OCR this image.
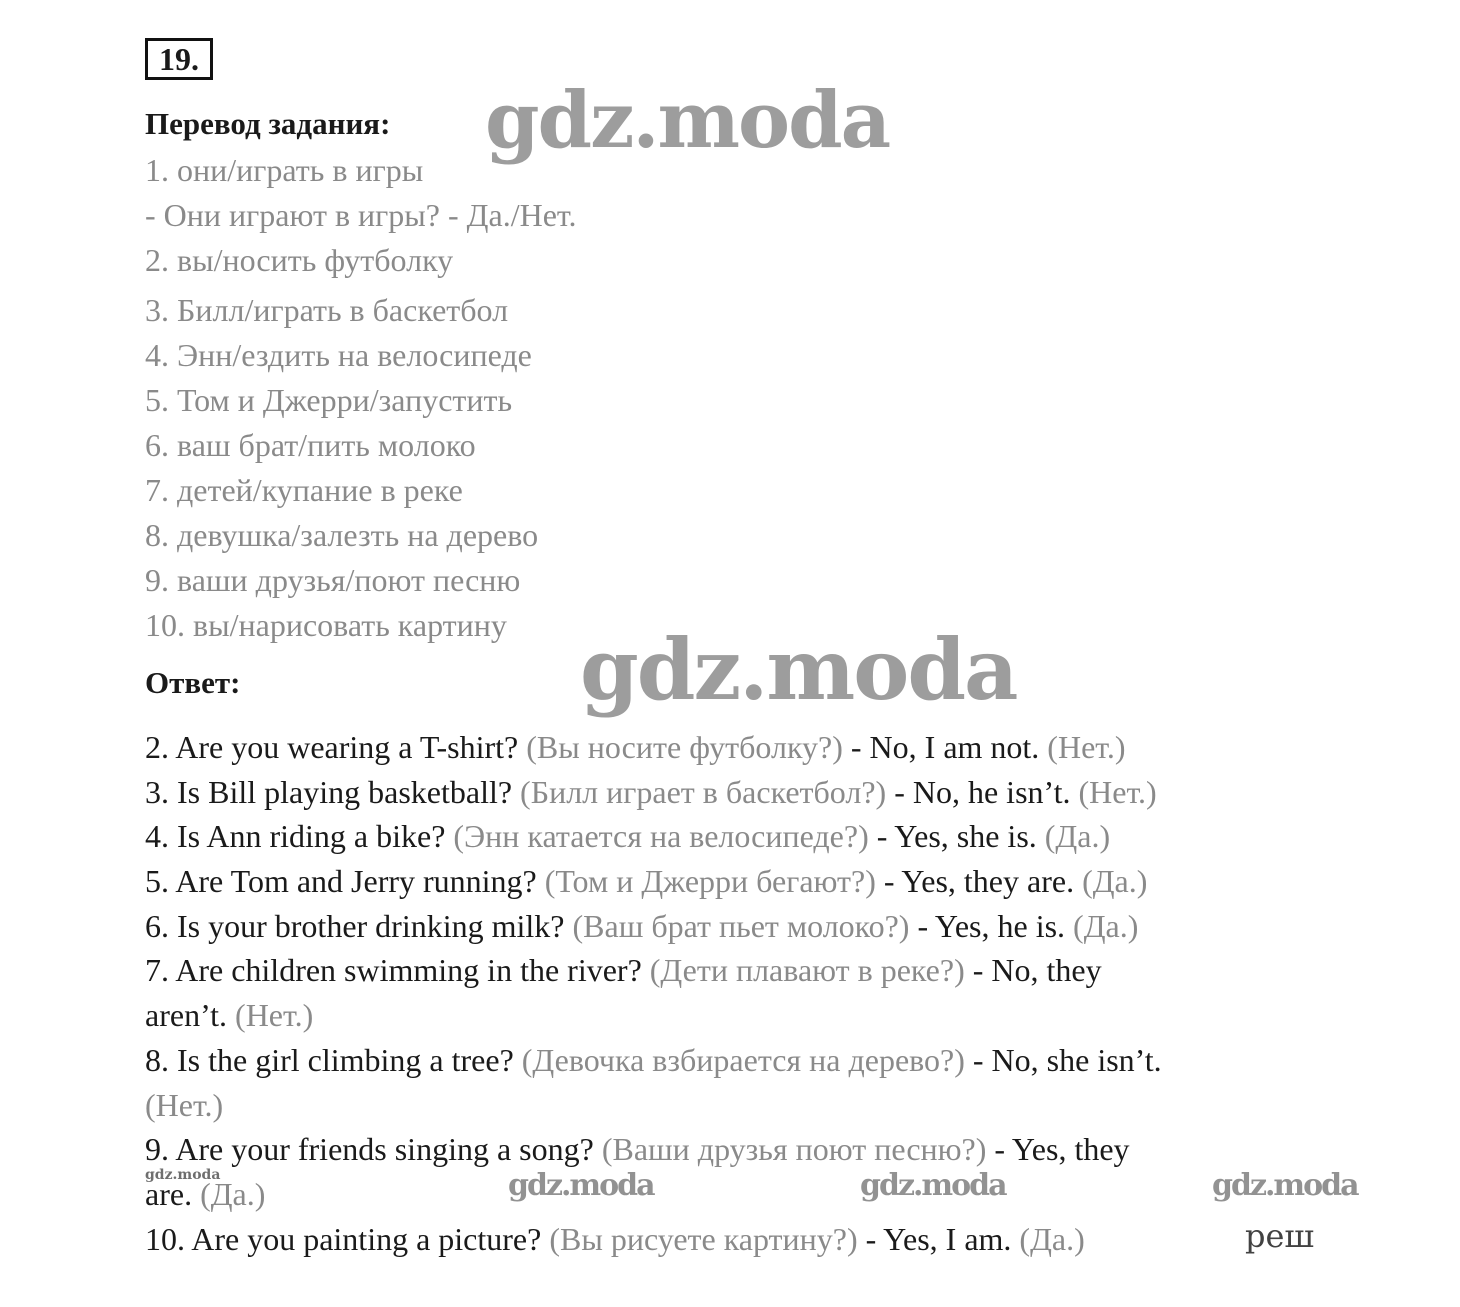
19.
Перевод задания:
1. они/играть в игры
- Они играют в игры? - Да./Нет.
2. вы/носить футболку
3. Билл/играть в баскетбол
4. Энн/ездить на велосипеде
5. Том и Джерри/запустить
6. ваш брат/пить молоко
7. детей/купание в реке
8. девушка/залезть на дерево
9. ваши друзья/поют песню
10. вы/нарисовать картину
Ответ:
2. Are you wearing a T-shirt? (Вы носите футболку?) - No, I am not. (Нет.)
3. Is Bill playing basketball? (Билл играет в баскетбол?) - No, he isn’t. (Нет.)
4. Is Ann riding a bike? (Энн катается на велосипеде?) - Yes, she is. (Да.)
5. Are Tom and Jerry running? (Том и Джерри бегают?) - Yes, they are. (Да.)
6. Is your brother drinking milk? (Ваш брат пьет молоко?) - Yes, he is. (Да.)
7. Are children swimming in the river? (Дети плавают в реке?) - No, they
aren’t. (Нет.)
8. Is the girl climbing a tree? (Девочка взбирается на дерево?) - No, she isn’t.
(Нет.)
9. Are your friends singing a song? (Ваши друзья поют песню?) - Yes, they
are. (Да.)
10. Are you painting a picture? (Вы рисуете картину?) - Yes, I am. (Да.)
gdz.moda
gdz.moda
gdz.moda	gdz.moda	gdz.moda	gdz.moda
реш
